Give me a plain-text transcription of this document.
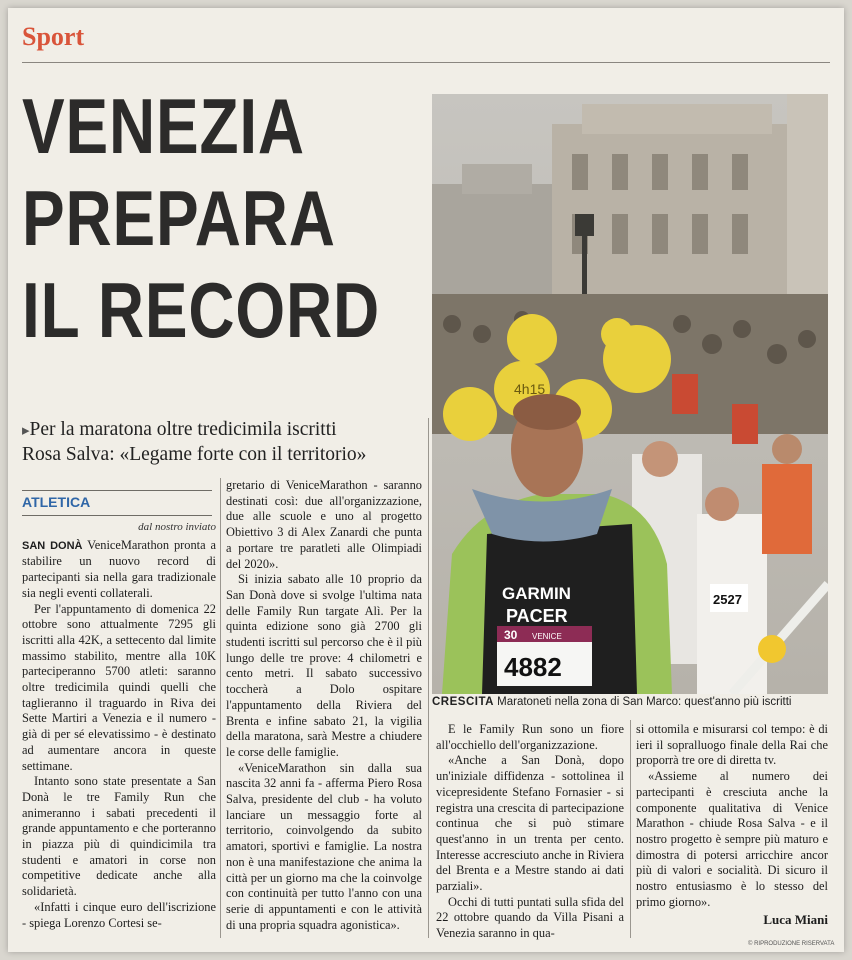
Sport
VENEZIA
PREPARA
IL RECORD
4h15
2527
GARMIN
PACER
30 VENICE
4882
CRESCITA Maratoneti nella zona di San Marco: quest'anno più iscritti
▸Per la maratona oltre tredicimila iscritti
Rosa Salva: «Legame forte con il territorio»
ATLETICA
dal nostro inviato

SAN DONÀ VeniceMarathon pronta a stabilire un nuovo record di partecipanti sia nella gara tradizionale sia negli eventi collaterali.

Per l'appuntamento di domenica 22 ottobre sono attualmente 7295 gli iscritti alla 42K, a settecento dal limite massimo stabilito, mentre alla 10K parteciperanno 5700 atleti: saranno oltre tredicimila quindi quelli che taglieranno il traguardo in Riva dei Sette Martiri a Venezia e il numero - già di per sé elevatissimo - è destinato ad aumentare ancora in queste settimane.

Intanto sono state presentate a San Donà le tre Family Run che animeranno i sabati precedenti il grande appuntamento e che porteranno in piazza più di quindicimila tra studenti e amatori in corse non competitive dedicate anche alla solidarietà.

«Infatti i cinque euro dell'iscrizione - spiega Lorenzo Cortesi se-

gretario di VeniceMarathon - saranno destinati così: due all'organizzazione, due alle scuole e uno al progetto Obiettivo 3 di Alex Zanardi che punta a portare tre paratleti alle Olimpiadi del 2020».

Si inizia sabato alle 10 proprio da San Donà dove si svolge l'ultima nata delle Family Run targate Alì. Per la quinta edizione sono già 2700 gli studenti iscritti sul percorso che è il più lungo delle tre prove: 4 chilometri e cento metri. Il sabato successivo toccherà a Dolo ospitare l'appuntamento della Riviera del Brenta e infine sabato 21, la vigilia della maratona, sarà Mestre a chiudere le corse delle famiglie.

«VeniceMarathon sin dalla sua nascita 32 anni fa - afferma Piero Rosa Salva, presidente del club - ha voluto lanciare un messaggio forte al territorio, coinvolgendo da subito amatori, sportivi e famiglie. La nostra non è una manifestazione che anima la città per un giorno ma che la coinvolge con continuità per tutto l'anno con una serie di appuntamenti e con le attività di una propria squadra agonistica».

E le Family Run sono un fiore all'occhiello dell'organizzazione.

«Anche a San Donà, dopo un'iniziale diffidenza - sottolinea il vicepresidente Stefano Fornasier - si registra una crescita di partecipazione continua che si può stimare quest'anno in un trenta per cento. Interesse accresciuto anche in Riviera del Brenta e a Mestre stando ai dati parziali».

Occhi di tutti puntati sulla sfida del 22 ottobre quando da Villa Pisani a Venezia saranno in qua-

si ottomila e misurarsi col tempo: è di ieri il sopralluogo finale della Rai che proporrà tre ore di diretta tv.

«Assieme al numero dei partecipanti è cresciuta anche la componente qualitativa di Venice Marathon - chiude Rosa Salva - e il nostro progetto è sempre più maturo e dimostra di potersi arricchire ancor più di valori e socialità. Di sicuro il nostro entusiasmo è lo stesso del primo giorno».

Luca Miani
© RIPRODUZIONE RISERVATA
